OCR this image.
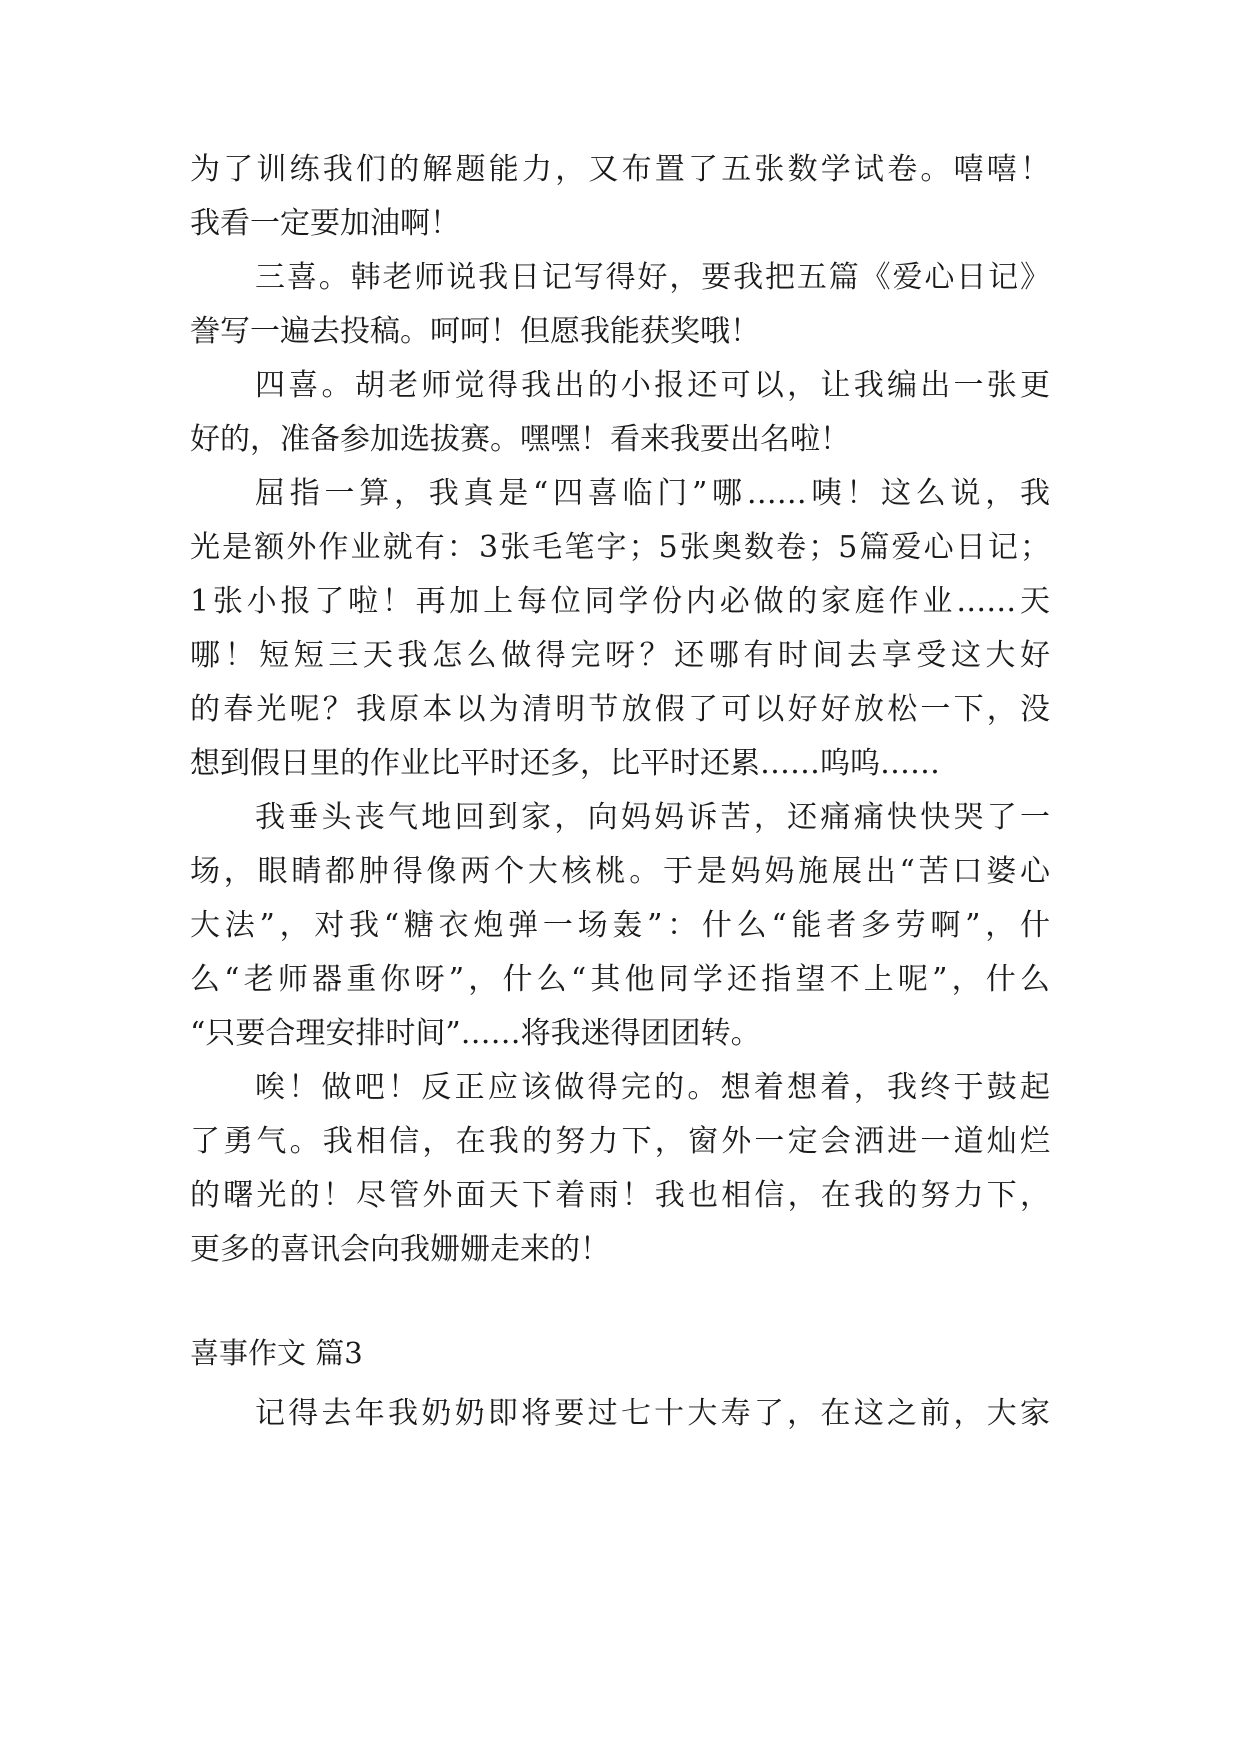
为了训练我们的解题能力，又布置了五张数学试卷。嘻嘻！

我看一定要加油啊！

三喜。韩老师说我日记写得好，要我把五篇《爱心日记》

誊写一遍去投稿。呵呵！但愿我能获奖哦！

四喜。胡老师觉得我出的小报还可以，让我编出一张更

好的，准备参加选拔赛。嘿嘿！看来我要出名啦！

屈指一算，我真是“四喜临门”哪……咦！这么说，我

光是额外作业就有：3张毛笔字；5张奥数卷；5篇爱心日记；

1张小报了啦！再加上每位同学份内必做的家庭作业……天

哪！短短三天我怎么做得完呀？还哪有时间去享受这大好

的春光呢？我原本以为清明节放假了可以好好放松一下，没

想到假日里的作业比平时还多，比平时还累……呜呜……

我垂头丧气地回到家，向妈妈诉苦，还痛痛快快哭了一

场，眼睛都肿得像两个大核桃。于是妈妈施展出“苦口婆心

大法”，对我“糖衣炮弹一场轰”：什么“能者多劳啊”，什

么“老师器重你呀”，什么“其他同学还指望不上呢”，什么

“只要合理安排时间”……将我迷得团团转。

唉！做吧！反正应该做得完的。想着想着，我终于鼓起

了勇气。我相信，在我的努力下，窗外一定会洒进一道灿烂

的曙光的！尽管外面天下着雨！我也相信，在我的努力下，

更多的喜讯会向我姗姗走来的！

喜事作文 篇3

记得去年我奶奶即将要过七十大寿了，在这之前，大家
